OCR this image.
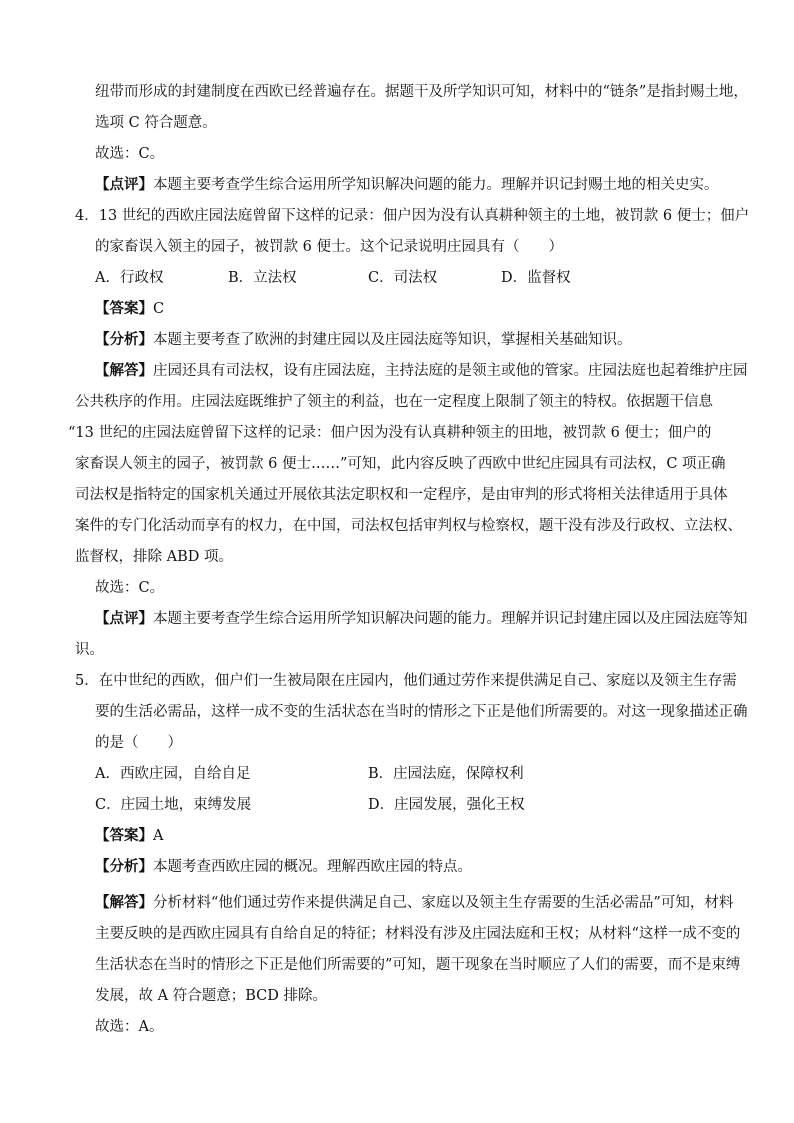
纽带而形成的封建制度在西欧已经普遍存在。据题干及所学知识可知，材料中的“链条”是指封赐土地，
选项 C 符合题意。
故选：C。
【点评】本题主要考查学生综合运用所学知识解决问题的能力。理解并识记封赐土地的相关史实。
4．13 世纪的西欧庄园法庭曾留下这样的记录：佃户因为没有认真耕种领主的土地，被罚款 6 便士；佃户
的家畜误入领主的园子，被罚款 6 便士。这个记录说明庄园具有（　　）
A．行政权	B．立法权	C．司法权	D．监督权
【答案】C
【分析】本题主要考查了欧洲的封建庄园以及庄园法庭等知识，掌握相关基础知识。
【解答】庄园还具有司法权，设有庄园法庭，主持法庭的是领主或他的管家。庄园法庭也起着维护庄园
公共秩序的作用。庄园法庭既维护了领主的利益，也在一定程度上限制了领主的特权。依据题干信息
“13 世纪的庄园法庭曾留下这样的记录：佃户因为没有认真耕种领主的田地，被罚款 6 便士；佃户的
家畜误人领主的园子，被罚款 6 便士……”可知，此内容反映了西欧中世纪庄园具有司法权，C 项正确
司法权是指特定的国家机关通过开展依其法定职权和一定程序，是由审判的形式将相关法律适用于具体
案件的专门化活动而享有的权力，在中国，司法权包括审判权与检察权，题干没有涉及行政权、立法权、
监督权，排除 ABD 项。
故选：C。
【点评】本题主要考查学生综合运用所学知识解决问题的能力。理解并识记封建庄园以及庄园法庭等知
识。
5．在中世纪的西欧，佃户们一生被局限在庄园内，他们通过劳作来提供满足自己、家庭以及领主生存需
要的生活必需品，这样一成不变的生活状态在当时的情形之下正是他们所需要的。对这一现象描述正确
的是（　　）
A．西欧庄园，自给自足	B．庄园法庭，保障权利
C．庄园土地，束缚发展	D．庄园发展，强化王权
【答案】A
【分析】本题考查西欧庄园的概况。理解西欧庄园的特点。
【解答】分析材料“他们通过劳作来提供满足自己、家庭以及领主生存需要的生活必需品”可知，材料
主要反映的是西欧庄园具有自给自足的特征；材料没有涉及庄园法庭和王权；从材料“这样一成不变的
生活状态在当时的情形之下正是他们所需要的”可知，题干现象在当时顺应了人们的需要，而不是束缚
发展，故 A 符合题意；BCD 排除。
故选：A。
